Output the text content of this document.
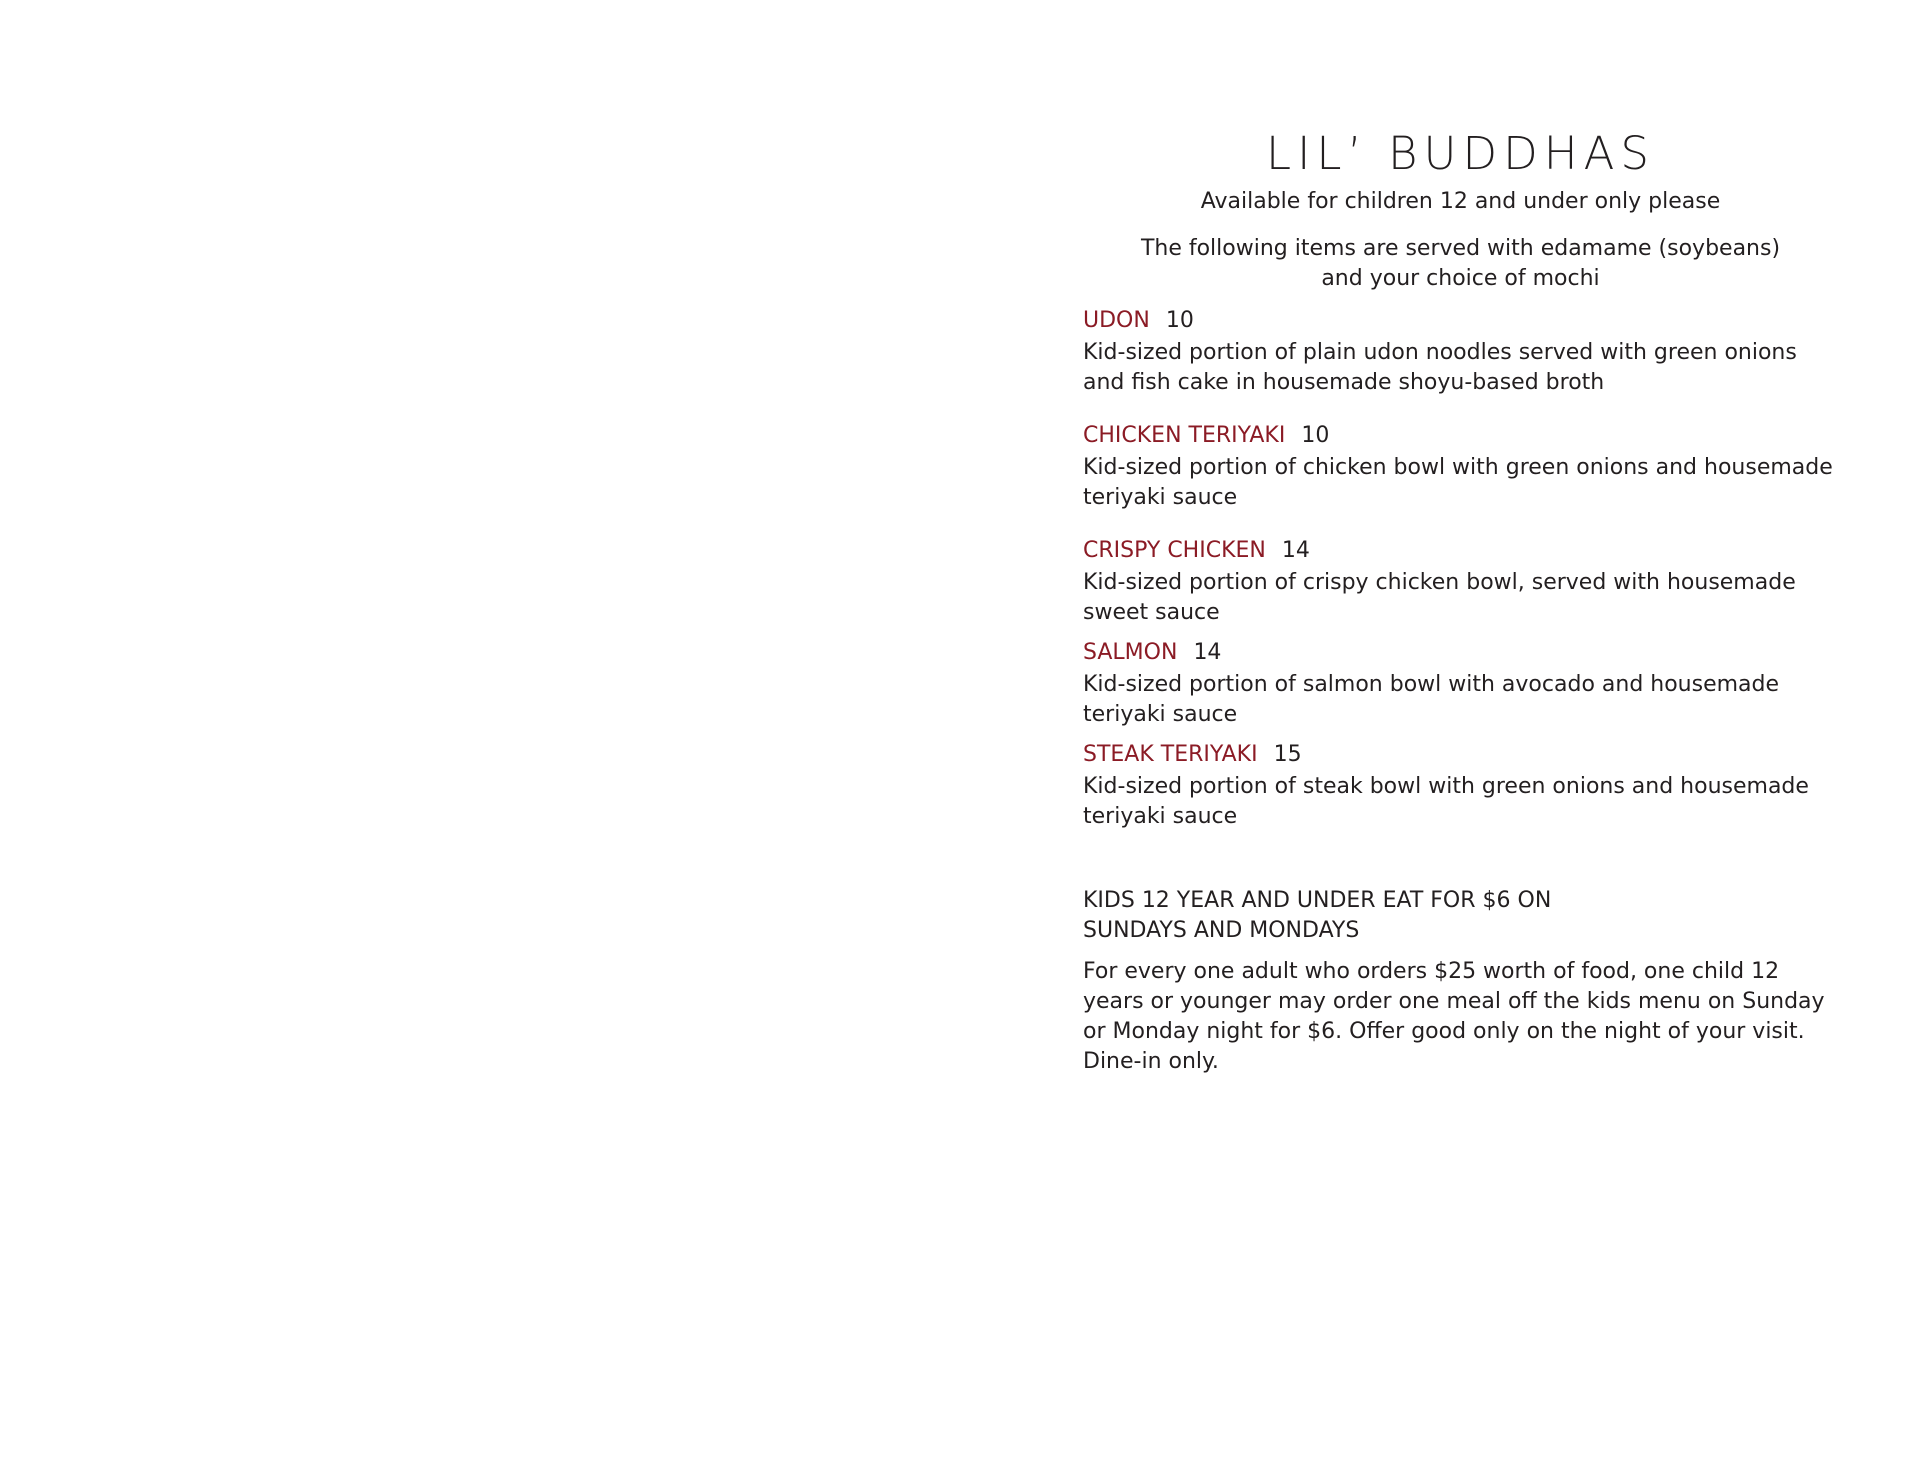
LIL’ BUDDHAS

Available for children 12 and under only please

The following items are served with edamame (soybeans)
and your choice of mochi

UDON 10

Kid-sized portion of plain udon noodles served with green onions and fish cake in housemade shoyu-based broth

CHICKEN TERIYAKI 10

Kid-sized portion of chicken bowl with green onions and housemade teriyaki sauce

CRISPY CHICKEN 14

Kid-sized portion of crispy chicken bowl, served with housemade sweet sauce

SALMON 14

Kid-sized portion of salmon bowl with avocado and housemade teriyaki sauce

STEAK TERIYAKI 15

Kid-sized portion of steak bowl with green onions and housemade teriyaki sauce

KIDS 12 YEAR AND UNDER EAT FOR $6 ON SUNDAYS AND MONDAYS

For every one adult who orders $25 worth of food, one child 12 years or younger may order one meal off the kids menu on Sunday or Monday night for $6. Offer good only on the night of your visit. Dine-in only.
